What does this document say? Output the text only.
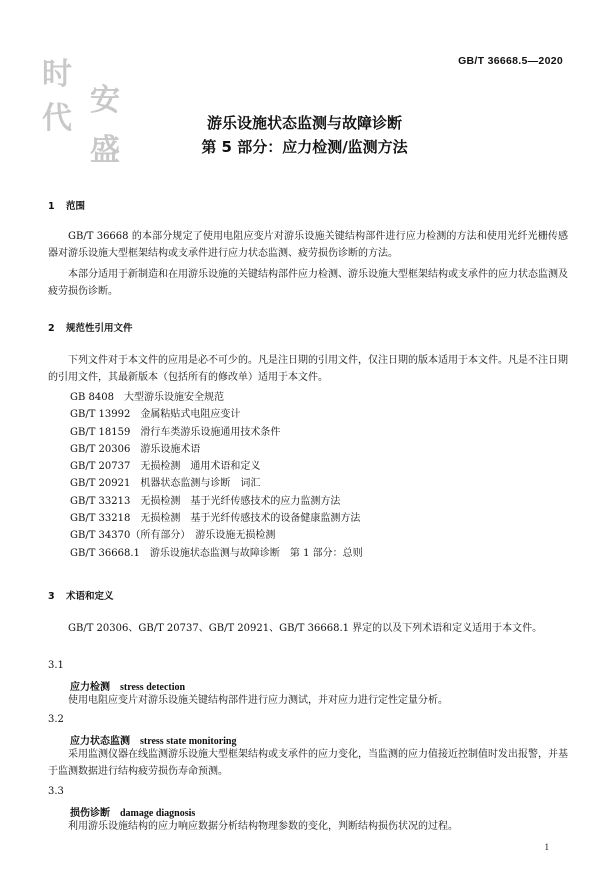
GB/T 36668.5—2020
时
代
安
盛
游乐设施状态监测与故障诊断
第 5 部分：应力检测/监测方法
1 范围
GB/T 36668 的本部分规定了使用电阻应变片对游乐设施关键结构部件进行应力检测的方法和使用光纤光栅传感器对游乐设施大型框架结构或支承件进行应力状态监测、疲劳损伤诊断的方法。
本部分适用于新制造和在用游乐设施的关键结构部件应力检测、游乐设施大型框架结构或支承件的应力状态监测及疲劳损伤诊断。
2 规范性引用文件
下列文件对于本文件的应用是必不可少的。凡是注日期的引用文件，仅注日期的版本适用于本文件。凡是不注日期的引用文件，其最新版本（包括所有的修改单）适用于本文件。
GB 8408　大型游乐设施安全规范
GB/T 13992　金属粘贴式电阻应变计
GB/T 18159　滑行车类游乐设施通用技术条件
GB/T 20306　游乐设施术语
GB/T 20737　无损检测　通用术语和定义
GB/T 20921　机器状态监测与诊断　词汇
GB/T 33213　无损检测　基于光纤传感技术的应力监测方法
GB/T 33218　无损检测　基于光纤传感技术的设备健康监测方法
GB/T 34370（所有部分）　游乐设施无损检测
GB/T 36668.1　游乐设施状态监测与故障诊断　第 1 部分：总则
3 术语和定义
GB/T 20306、GB/T 20737、GB/T 20921、GB/T 36668.1 界定的以及下列术语和定义适用于本文件。
3.1
应力检测 stress detection
使用电阻应变片对游乐设施关键结构部件进行应力测试，并对应力进行定性定量分析。
3.2
应力状态监测 stress state monitoring
采用监测仪器在线监测游乐设施大型框架结构或支承件的应力变化，当监测的应力值接近控制值时发出报警，并基于监测数据进行结构疲劳损伤寿命预测。
3.3
损伤诊断 damage diagnosis
利用游乐设施结构的应力响应数据分析结构物理参数的变化，判断结构损伤状况的过程。
1
